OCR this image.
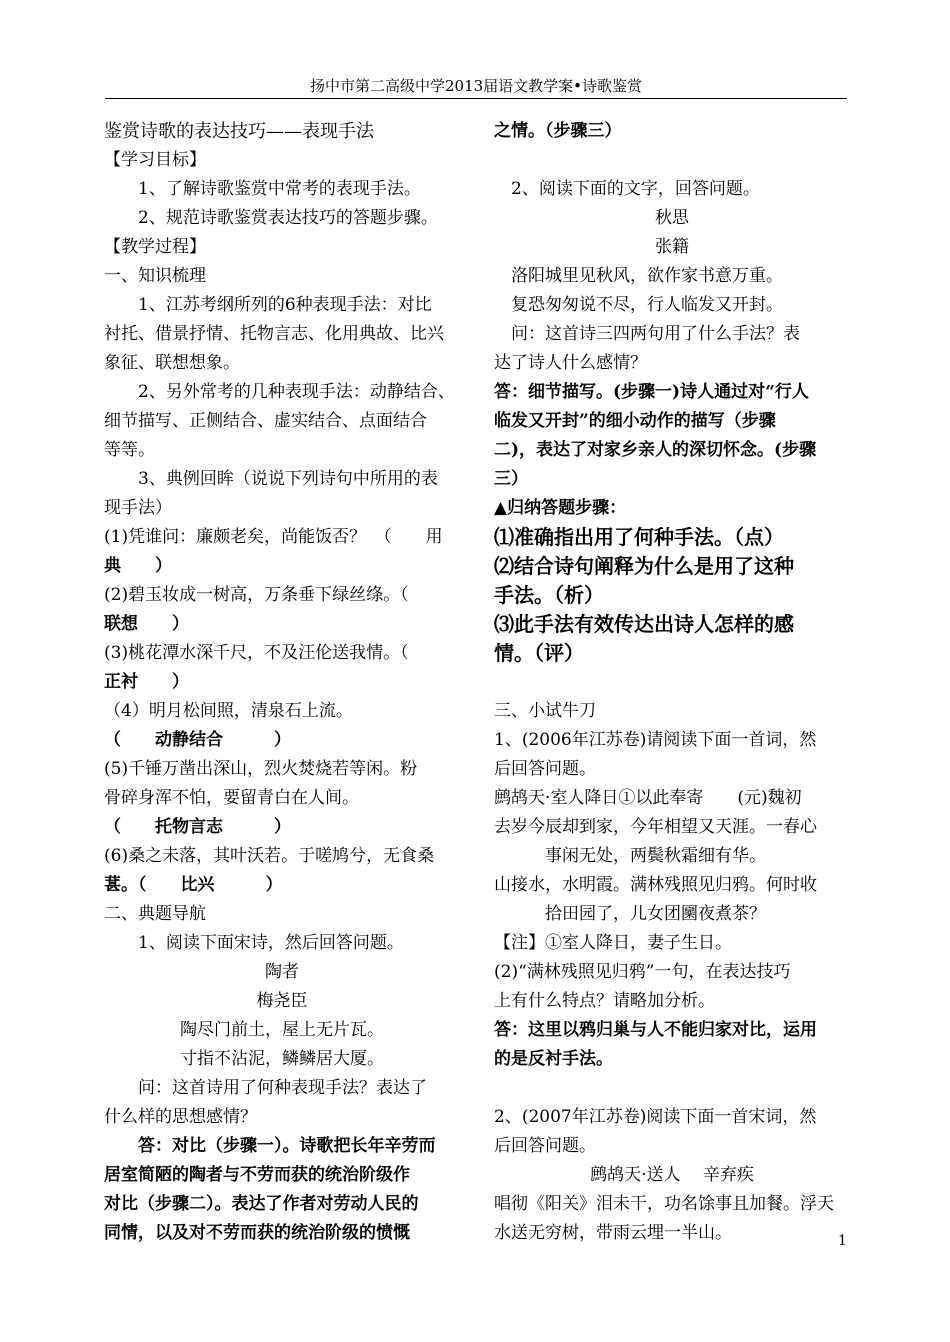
扬中市第二高级中学2013届语文教学案•诗歌鉴赏
鉴赏诗歌的表达技巧——表现手法
【学习目标】
　　1、了解诗歌鉴赏中常考的表现手法。
　　2、规范诗歌鉴赏表达技巧的答题步骤。
【教学过程】
一、知识梳理
　　1、江苏考纲所列的6种表现手法：对比
衬托、借景抒情、托物言志、化用典故、比兴
象征、联想想象。
　　2、另外常考的几种表现手法：动静结合、
细节描写、正侧结合、虚实结合、点面结合
等等。
　　3、典例回眸（说说下列诗句中所用的表
现手法）
(1)凭谁问：廉颇老矣，尚能饭否？　（　　用
典　　）
(2)碧玉妆成一树高，万条垂下绿丝绦。（
联想　　）
(3)桃花潭水深千尺，不及汪伦送我情。（
正衬　　）
（4）明月松间照，清泉石上流。
（　　动静结合　　　）
(5)千锤万凿出深山，烈火焚烧若等闲。粉
骨碎身浑不怕，要留青白在人间。
（　　托物言志　　　）
(6)桑之未落，其叶沃若。于嗟鸠兮，无食桑
葚。（　　比兴　　　）
二、典题导航
　　1、阅读下面宋诗，然后回答问题。
陶者
梅尧臣
陶尽门前土，屋上无片瓦。
寸指不沾泥，鳞鳞居大厦。
　　问：这首诗用了何种表现手法？表达了
什么样的思想感情？
　　答：对比（步骤一）。诗歌把长年辛劳而
居室简陋的陶者与不劳而获的统治阶级作
对比（步骤二）。表达了作者对劳动人民的
同情，以及对不劳而获的统治阶级的愤慨
之情。（步骤三）
　2、阅读下面的文字，回答问题。
秋思
张籍
　洛阳城里见秋风，欲作家书意万重。
　复恐匆匆说不尽，行人临发又开封。
　问：这首诗三四两句用了什么手法？表
达了诗人什么感情？
答：细节描写。(步骤一)诗人通过对“行人
临发又开封”的细小动作的描写（步骤
二)，表达了对家乡亲人的深切怀念。(步骤
三）
▲归纳答题步骤：
⑴准确指出用了何种手法。（点）
⑵结合诗句阐释为什么是用了这种
手法。（析）
⑶此手法有效传达出诗人怎样的感
情。（评）
三、小试牛刀
1、(2006年江苏卷)请阅读下面一首词，然
后回答问题。
鹧鸪天·室人降日①以此奉寄　　(元)魏初
去岁今辰却到家，今年相望又天涯。一春心
　　　事闲无处，两鬓秋霜细有华。
山接水，水明霞。满林残照见归鸦。何时收
　　　拾田园了，儿女团圞夜煮茶？
【注】①室人降日，妻子生日。
(2)“满林残照见归鸦”一句，在表达技巧
上有什么特点？请略加分析。
答：这里以鸦归巢与人不能归家对比，运用
的是反衬手法。
2、(2007年江苏卷)阅读下面一首宋词，然
后回答问题。
鹧鸪天·送人　 辛弃疾
唱彻《阳关》泪未干，功名馀事且加餐。浮天
水送无穷树，带雨云埋一半山。	1
